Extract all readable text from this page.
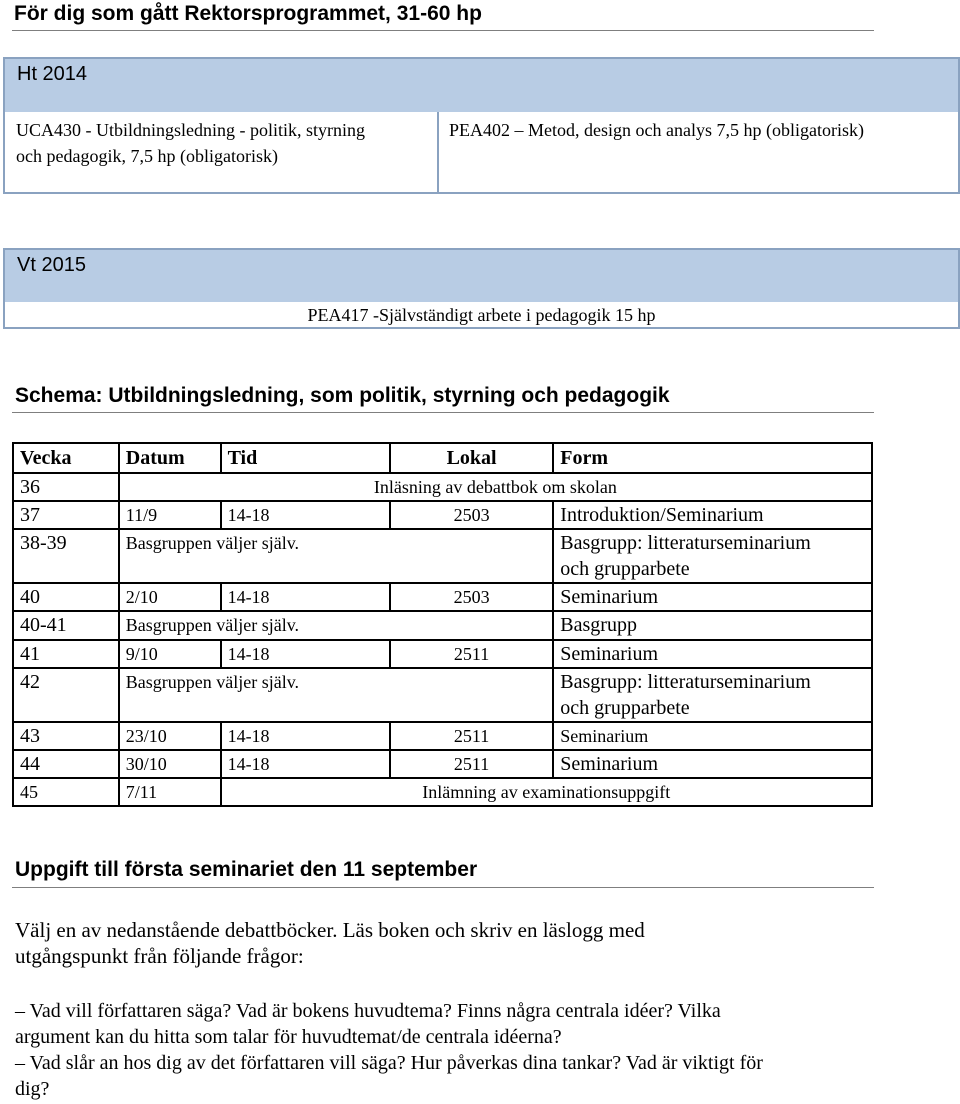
För dig som gått Rektorsprogrammet, 31-60 hp
Ht 2014
UCA430 - Utbildningsledning - politik, styrning
och pedagogik, 7,5 hp (obligatorisk)
PEA402 – Metod, design och analys 7,5 hp (obligatorisk)
Vt 2015
PEA417 -Självständigt arbete i pedagogik 15 hp
Schema: Utbildningsledning, som politik, styrning och pedagogik
Vecka	Datum	Tid	Lokal	Form
36	Inläsning av debattbok om skolan			
37	11/9	14-18	2503	Introduktion/Seminarium
38-39	Basgruppen väljer själv.			Basgrupp: litteraturseminarium
och grupparbete

40	2/10	14-18	2503	Seminarium
40-41	Basgruppen väljer själv.			Basgrupp
41	9/10	14-18	2511	Seminarium
42	Basgruppen väljer själv.			Basgrupp: litteraturseminarium
och grupparbete

43	23/10	14-18	2511	Seminarium
44	30/10	14-18	2511	Seminarium
45	7/11	Inlämning av examinationsuppgift		
Uppgift till första seminariet den 11 september
Välj en av nedanstående debattböcker. Läs boken och skriv en läslogg med
utgångspunkt från följande frågor:
– Vad vill författaren säga? Vad är bokens huvudtema? Finns några centrala idéer? Vilka
argument kan du hitta som talar för huvudtemat/de centrala idéerna?
– Vad slår an hos dig av det författaren vill säga? Hur påverkas dina tankar? Vad är viktigt för
dig?
